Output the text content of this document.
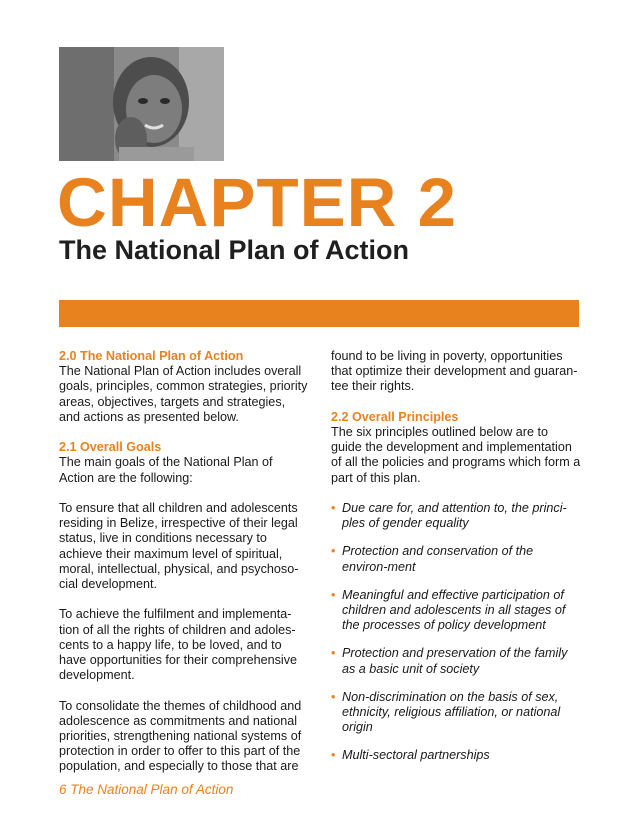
CHAPTER 2
The National Plan of Action

2.0 The National Plan of Action
The National Plan of Action includes overall goals, principles, common strategies, priority areas, objectives, targets and strategies, and actions as presented below.

2.1 Overall Goals
The main goals of the National Plan of Action are the following:

To ensure that all children and adolescents residing in Belize, irrespective of their legal status, live in conditions necessary to achieve their maximum level of spiritual, moral, intellectual, physical, and psychoso-cial development.

To achieve the fulfilment and implementa-tion of all the rights of children and adoles-cents to a happy life, to be loved, and to have opportunities for their comprehensive development.

To consolidate the themes of childhood and adolescence as commitments and national priorities, strengthening national systems of protection in order to offer to this part of the population, and especially to those that are

found to be living in poverty, opportunities that optimize their development and guaran-tee their rights.

2.2 Overall Principles
The six principles outlined below are to guide the development and implementation of all the policies and programs which form a part of this plan.

• Due care for, and attention to, the princi-ples of gender equality
• Protection and conservation of the environ-ment
• Meaningful and effective participation of children and adolescents in all stages of the processes of policy development
• Protection and preservation of the family as a basic unit of society
• Non-discrimination on the basis of sex, ethnicity, religious affiliation, or national origin
• Multi-sectoral partnerships
6 The National Plan of Action
